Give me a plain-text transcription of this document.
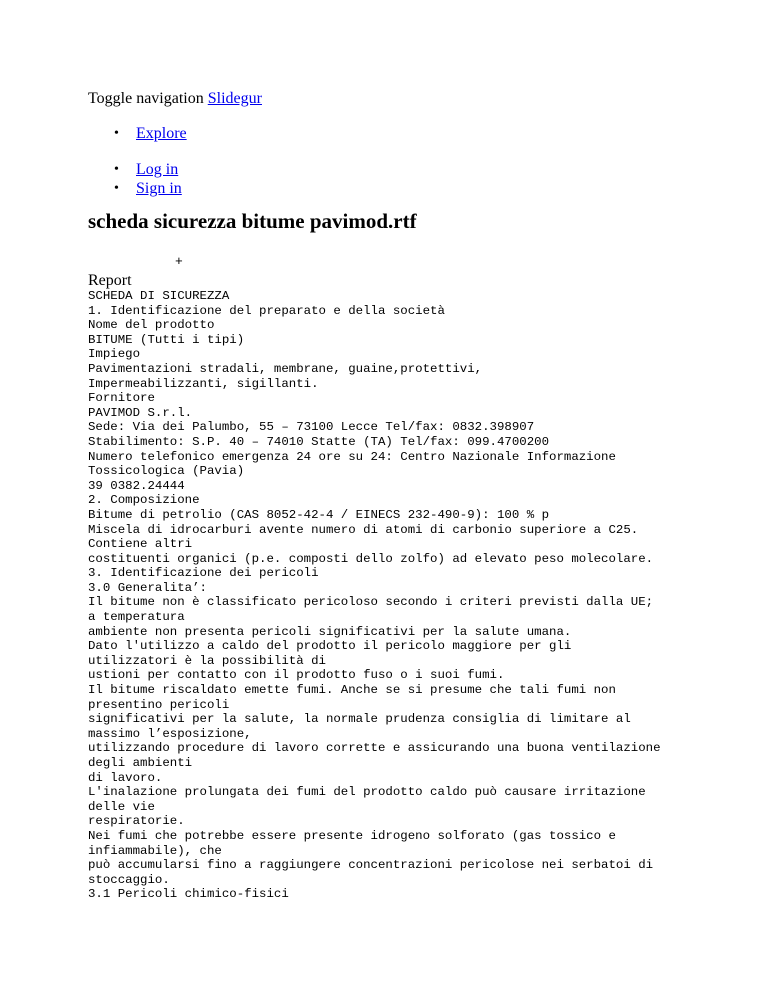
Toggle navigation Slidegur
• Explore
• Log in
• Sign in
scheda sicurezza bitume pavimod.rtf
+
Report
SCHEDA DI SICUREZZA
1. Identificazione del preparato e della società
Nome del prodotto
BITUME (Tutti i tipi)
Impiego
Pavimentazioni stradali, membrane, guaine,protettivi,
Impermeabilizzanti, sigillanti.
Fornitore
PAVIMOD S.r.l.
Sede: Via dei Palumbo, 55 – 73100 Lecce Tel/fax: 0832.398907
Stabilimento: S.P. 40 – 74010 Statte (TA) Tel/fax: 099.4700200
Numero telefonico emergenza 24 ore su 24: Centro Nazionale Informazione
Tossicologica (Pavia)
39 0382.24444
2. Composizione
Bitume di petrolio (CAS 8052-42-4 / EINECS 232-490-9): 100 % p
Miscela di idrocarburi avente numero di atomi di carbonio superiore a C25.
Contiene altri
costituenti organici (p.e. composti dello zolfo) ad elevato peso molecolare.
3. Identificazione dei pericoli
3.0 Generalita’:
Il bitume non è classificato pericoloso secondo i criteri previsti dalla UE;
a temperatura
ambiente non presenta pericoli significativi per la salute umana.
Dato l'utilizzo a caldo del prodotto il pericolo maggiore per gli
utilizzatori è la possibilità di
ustioni per contatto con il prodotto fuso o i suoi fumi.
Il bitume riscaldato emette fumi. Anche se si presume che tali fumi non
presentino pericoli
significativi per la salute, la normale prudenza consiglia di limitare al
massimo l’esposizione,
utilizzando procedure di lavoro corrette e assicurando una buona ventilazione
degli ambienti
di lavoro.
L'inalazione prolungata dei fumi del prodotto caldo può causare irritazione
delle vie
respiratorie.
Nei fumi che potrebbe essere presente idrogeno solforato (gas tossico e
infiammabile), che
può accumularsi fino a raggiungere concentrazioni pericolose nei serbatoi di
stoccaggio.
3.1 Pericoli chimico-fisici
